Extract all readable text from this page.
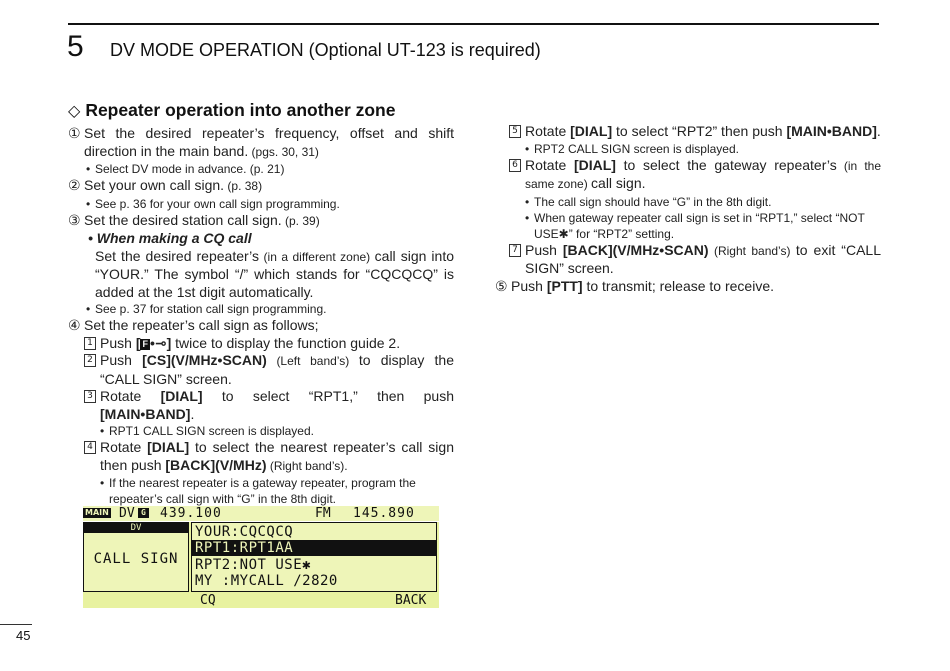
5 DV MODE OPERATION (Optional UT-123 is required)
◇ Repeater operation into another zone
① Set the desired repeater’s frequency, offset and shift direction in the main band. (pgs. 30, 31)
• Select DV mode in advance. (p. 21)
② Set your own call sign. (p. 38)
• See p. 36 for your own call sign programming.
③ Set the desired station call sign. (p. 39)
• When making a CQ call
Set the desired repeater’s (in a different zone) call sign into “YOUR.” The symbol “/” which stands for “CQCQCQ” is added at the 1st digit automatically.
• See p. 37 for station call sign programming.
④ Set the repeater’s call sign as follows;
1 Push [ F •⊸] twice to display the function guide 2.
2 Push [CS](V/MHz•SCAN) (Left band’s) to display the “CALL SIGN” screen.
3 Rotate [DIAL] to select “RPT1,” then push [MAIN•BAND].
• RPT1 CALL SIGN screen is displayed.
4 Rotate [DIAL] to select the nearest repeater’s call sign then push [BACK](V/MHz) (Right band’s).
• If the nearest repeater is a gateway repeater, program the repeater’s call sign with “G” in the 8th digit.
5 Rotate [DIAL] to select “RPT2” then push [MAIN•BAND].
• RPT2 CALL SIGN screen is displayed.
6 Rotate [DIAL] to select the gateway repeater’s (in the same zone) call sign.
• The call sign should have “G” in the 8th digit.
• When gateway repeater call sign is set in “RPT1,” select “NOT USE✱” for “RPT2” setting.
7 Push [BACK](V/MHz•SCAN) (Right band’s) to exit “CALL SIGN” screen.
⑤ Push [PTT] to transmit; release to receive.
MAIN DV G 439.100	FM 145.890
DV
CALL SIGN
YOUR:CQCQCQ
RPT1:RPT1AA
RPT2:NOT USE✱
MY :MYCALL /2820
CQ	BACK
45
